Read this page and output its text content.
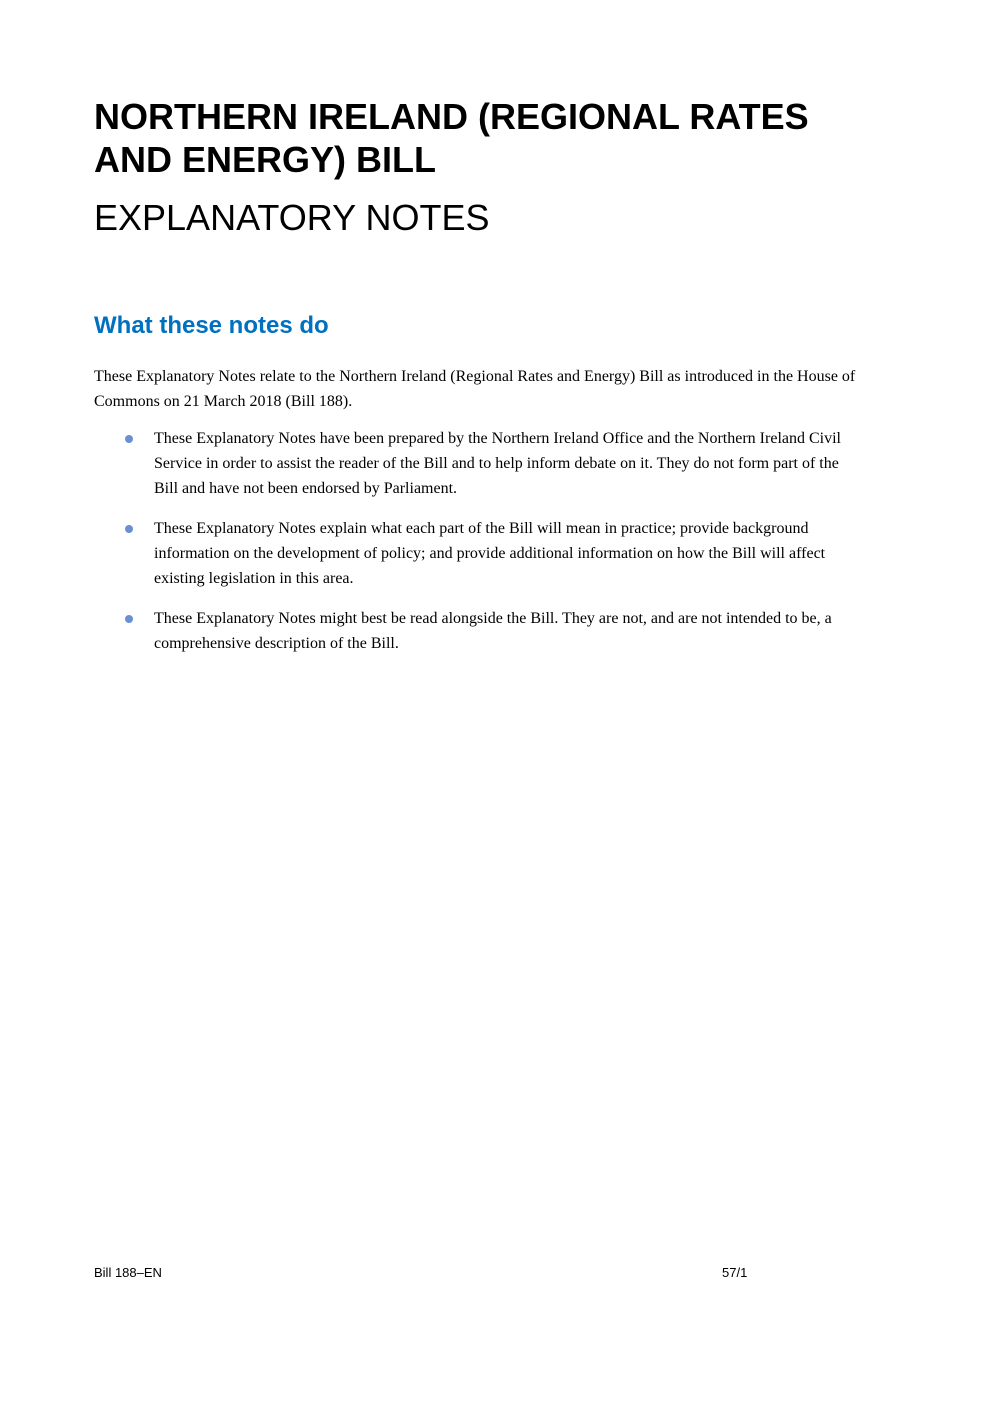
NORTHERN IRELAND (REGIONAL RATES AND ENERGY) BILL
EXPLANATORY NOTES
What these notes do

These Explanatory Notes relate to the Northern Ireland (Regional Rates and Energy) Bill as introduced in the House of Commons on 21 March 2018 (Bill 188).

These Explanatory Notes have been prepared by the Northern Ireland Office and the Northern Ireland Civil Service in order to assist the reader of the Bill and to help inform debate on it. They do not form part of the Bill and have not been endorsed by Parliament.
These Explanatory Notes explain what each part of the Bill will mean in practice; provide background information on the development of policy; and provide additional information on how the Bill will affect existing legislation in this area.
These Explanatory Notes might best be read alongside the Bill. They are not, and are not intended to be, a comprehensive description of the Bill.

Bill 188–EN	57/1
